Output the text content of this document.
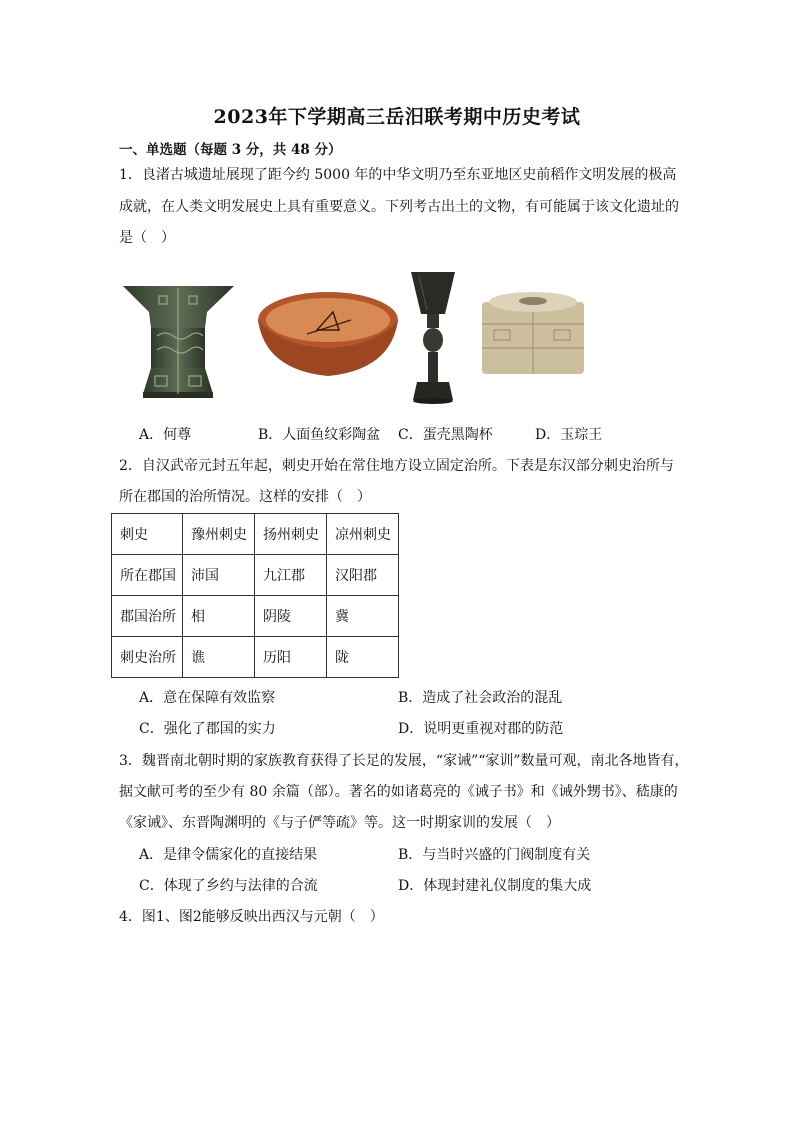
2023年下学期高三岳汨联考期中历史考试
一、单选题（每题 3 分，共 48 分）
1．良渚古城遗址展现了距今约 5000 年的中华文明乃至东亚地区史前稻作文明发展的极高
成就，在人类文明发展史上具有重要意义。下列考古出土的文物，有可能属于该文化遗址的
是（　）
A．何尊	B．人面鱼纹彩陶盆 C．蛋壳黑陶杯	D．玉琮王
2．自汉武帝元封五年起，刺史开始在常住地方设立固定治所。下表是东汉部分刺史治所与
所在郡国的治所情况。这样的安排（　）
刺史	豫州刺史	扬州刺史	凉州刺史
所在郡国	沛国	九江郡	汉阳郡
郡国治所	相	阴陵	冀
刺史治所	谯	历阳	陇
A．意在保障有效监察	B．造成了社会政治的混乱
C．强化了郡国的实力	D．说明更重视对郡的防范
3．魏晋南北朝时期的家族教育获得了长足的发展，“家诫”“家训”数量可观，南北各地皆有，
据文献可考的至少有 80 余篇（部）。著名的如诸葛亮的《诫子书》和《诫外甥书》、嵇康的
《家诫》、东晋陶渊明的《与子俨等疏》等。这一时期家训的发展（　）
A．是律令儒家化的直接结果	B．与当时兴盛的门阀制度有关
C．体现了乡约与法律的合流	D．体现封建礼仪制度的集大成
4．图1、图2能够反映出西汉与元朝（　）
